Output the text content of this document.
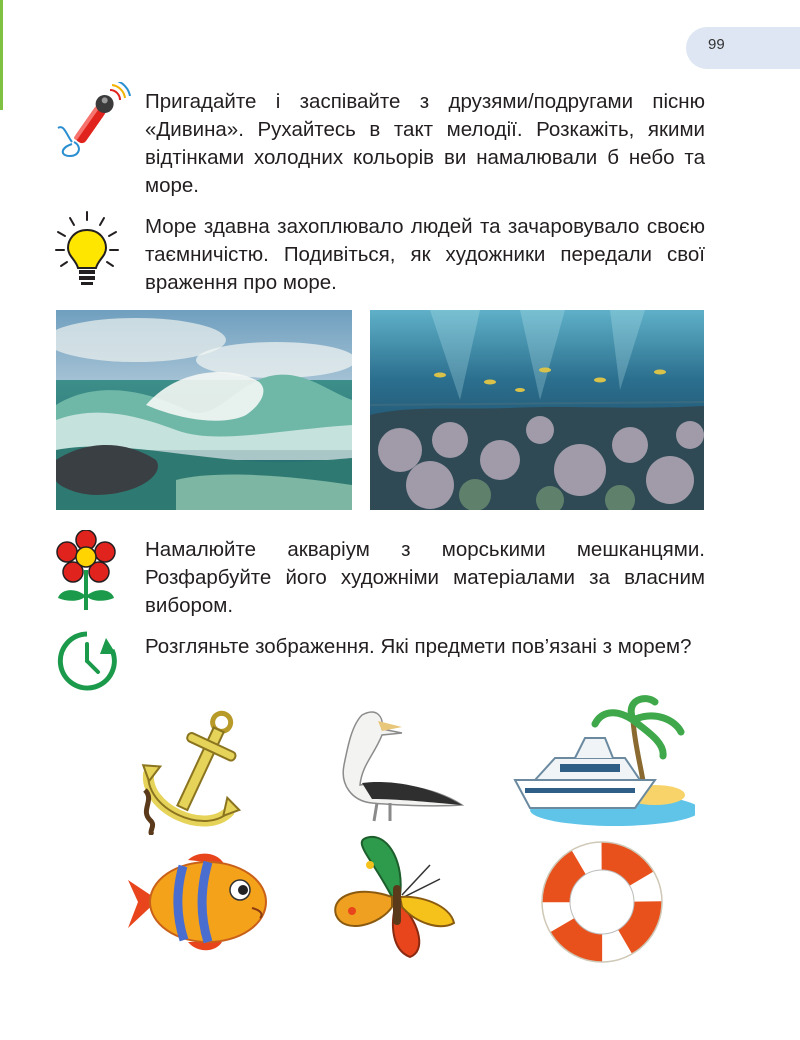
99
Пригадайте і заспівайте з друзями/подругами пісню «Дивина». Рухайтесь в такт мелодії. Розкажіть, якими відтінками холодних кольорів ви намалювали б небо та море.
Море здавна захоплювало людей та зачаровувало своєю таємничістю. Подивіться, як художники передали свої враження про море.
Намалюйте акваріум з морськими мешканцями. Розфарбуйте його художніми матеріалами за власним вибором.
Розгляньте зображення. Які предмети пов’язані з морем?
